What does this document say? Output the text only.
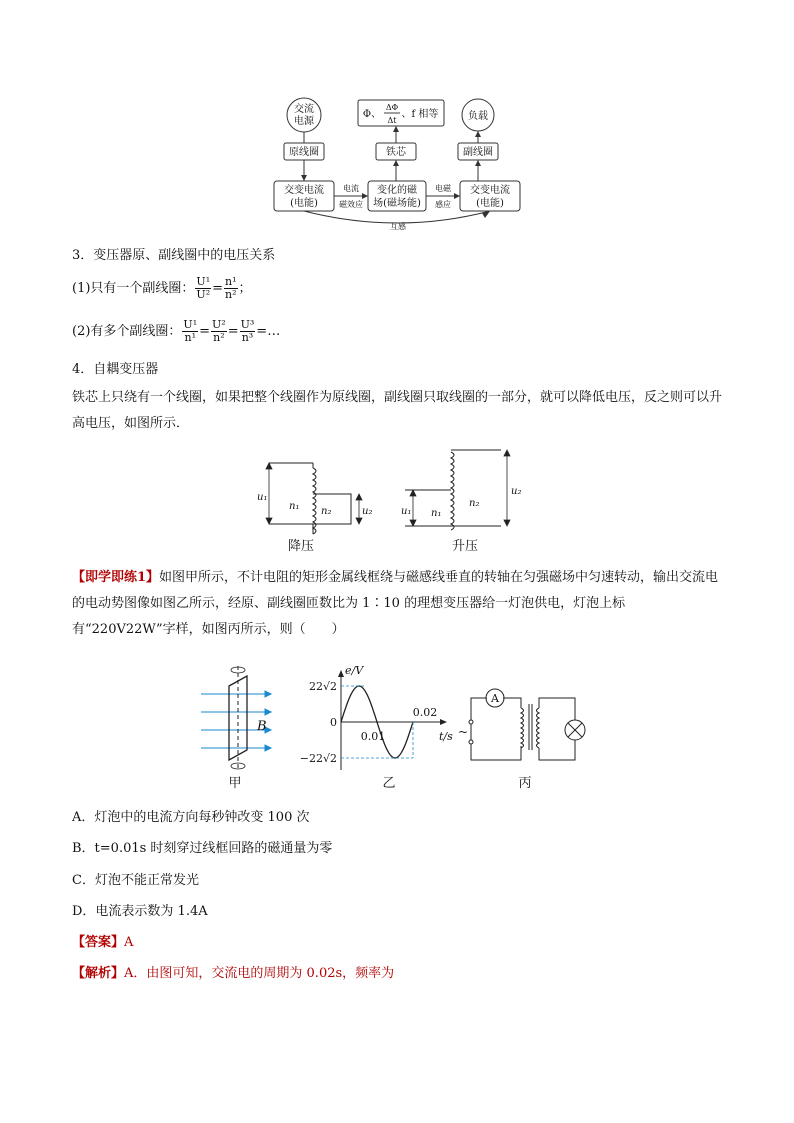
交流
电源	负载
原线圈	铁芯	副线圈
交变电流
(电能)
变化的磁
场(磁场能)
交变电流
(电能)
电流
磁效应
电磁
感应
互感
Φ、
ΔΦ
Δt
、f 相等
3．变压器原、副线圈中的电压关系
(1)只有一个副线圈： $\frac{\text{U¹}}{\text{U²}} = \frac{\text{n¹}}{\text{n²}}$ ；
(2)有多个副线圈： $\frac{\text{U¹}}{\text{n¹}} = \frac{\text{U²}}{\text{n²}} = \frac{\text{U³}}{\text{n³}}$ =…
4．自耦变压器
铁芯上只绕有一个线圈，如果把整个线圈作为原线圈，副线圈只取线圈的一部分，就可以降低电压，反之则可以升高电压，如图所示．
u₁
n₁ n₂	u₂	u₁ n₁
n₂
u₂
降压	升压
【即学即练1】如图甲所示，不计电阻的矩形金属线框绕与磁感线垂直的转轴在匀强磁场中匀速转动，输出交流电的电动势图像如图乙所示，经原、副线圈匝数比为 1∶10 的理想变压器给一灯泡供电，灯泡上标有“220V22W”字样，如图丙所示，则（　　）
B
甲
e/V
t/s
22√2
0
−22√2
0.01
0.02
乙
A
~
丙
A．灯泡中的电流方向每秒钟改变 100 次
B．t=0.01s 时刻穿过线框回路的磁通量为零
C．灯泡不能正常发光
D．电流表示数为 1.4A
【答案】A
【解析】A．由图可知，交流电的周期为 0.02s，频率为
